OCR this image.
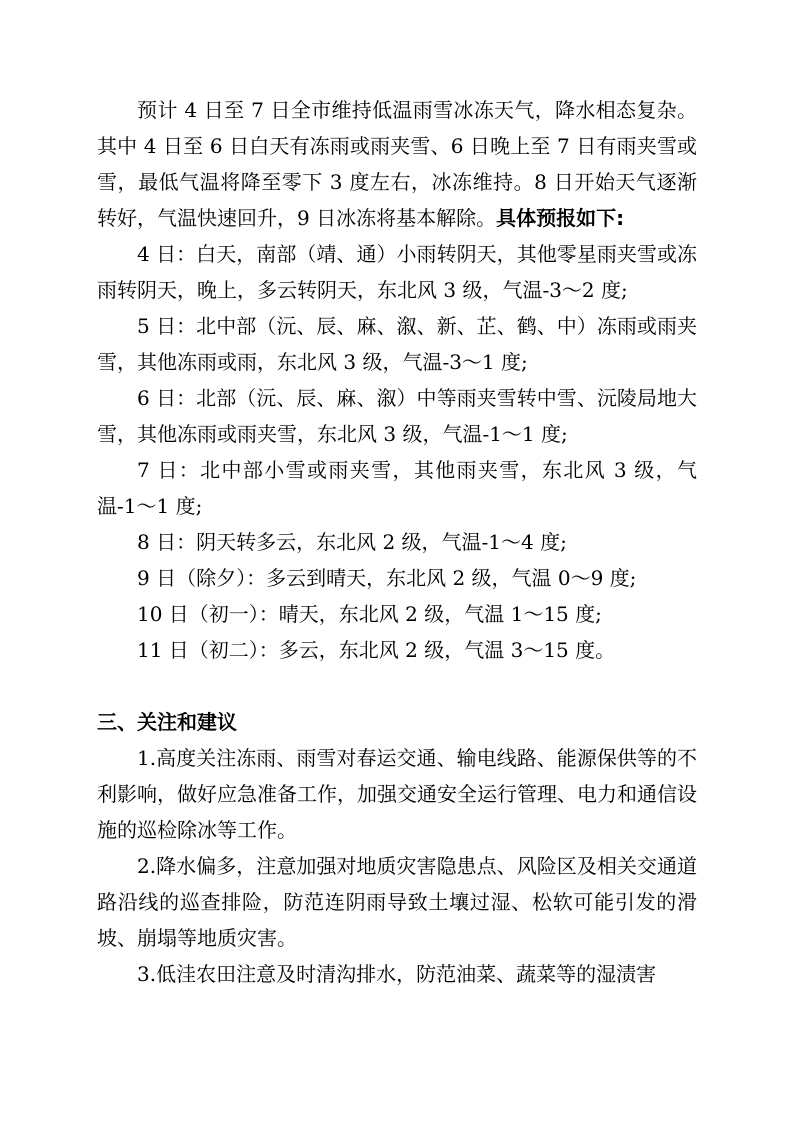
预计 4 日至 7 日全市维持低温雨雪冰冻天气，降水相态复杂。其中 4 日至 6 日白天有冻雨或雨夹雪、6 日晚上至 7 日有雨夹雪或雪，最低气温将降至零下 3 度左右，冰冻维持。8 日开始天气逐渐转好，气温快速回升，9 日冰冻将基本解除。具体预报如下:

4 日：白天，南部（靖、通）小雨转阴天，其他零星雨夹雪或冻雨转阴天，晚上，多云转阴天，东北风 3 级，气温-3～2 度;

5 日：北中部（沅、辰、麻、溆、新、芷、鹤、中）冻雨或雨夹雪，其他冻雨或雨，东北风 3 级，气温-3～1 度;

6 日：北部（沅、辰、麻、溆）中等雨夹雪转中雪、沅陵局地大雪，其他冻雨或雨夹雪，东北风 3 级，气温-1～1 度;

7 日：北中部小雪或雨夹雪，其他雨夹雪，东北风 3 级，气温-1～1 度;

8 日：阴天转多云，东北风 2 级，气温-1～4 度;

9 日（除夕）：多云到晴天，东北风 2 级，气温 0～9 度;

10 日（初一）：晴天，东北风 2 级，气温 1～15 度;

11 日（初二）：多云，东北风 2 级，气温 3～15 度。

三、关注和建议

1.高度关注冻雨、雨雪对春运交通、输电线路、能源保供等的不利影响，做好应急准备工作，加强交通安全运行管理、电力和通信设施的巡检除冰等工作。

2.降水偏多，注意加强对地质灾害隐患点、风险区及相关交通道路沿线的巡查排险，防范连阴雨导致土壤过湿、松软可能引发的滑坡、崩塌等地质灾害。

3.低洼农田注意及时清沟排水，防范油菜、蔬菜等的湿渍害
